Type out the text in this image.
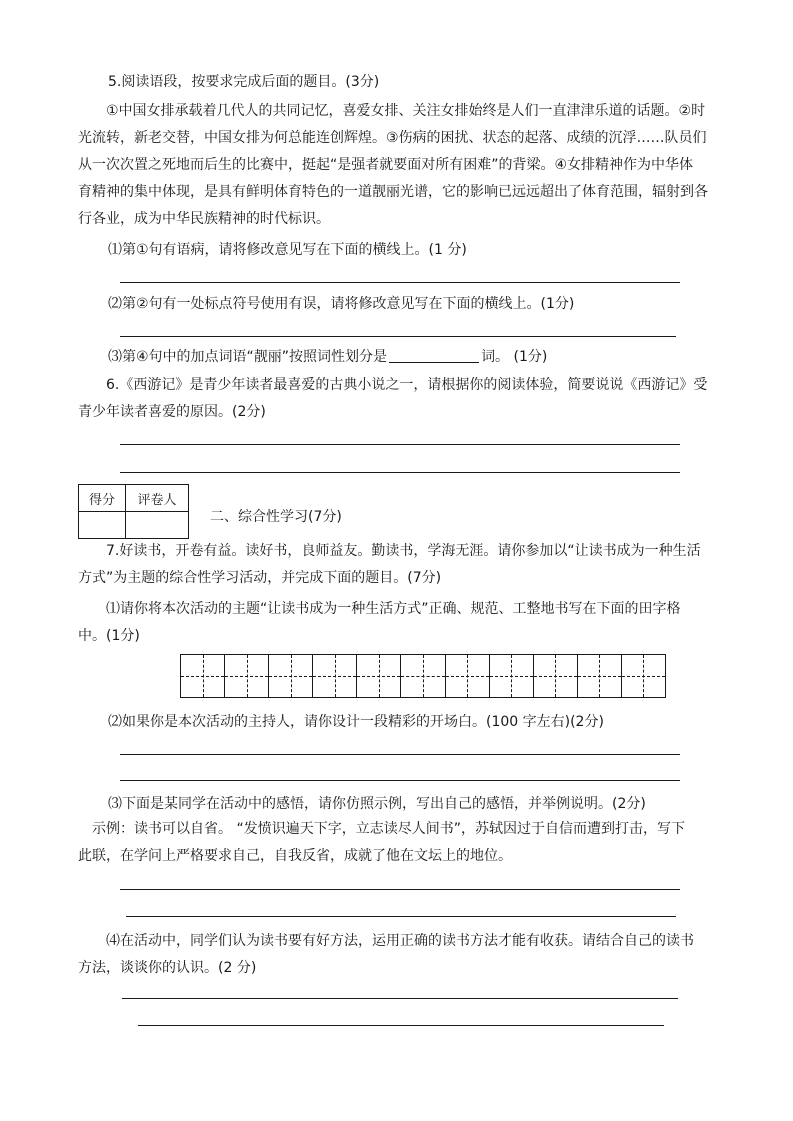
5.阅读语段，按要求完成后面的题目。(3分)
①中国女排承载着几代人的共同记忆，喜爱女排、关注女排始终是人们一直津津乐道的话题。②时
光流转，新老交替，中国女排为何总能连创辉煌。③伤病的困扰、状态的起落、成绩的沉浮……队员们
从一次次置之死地而后生的比赛中，挺起“是强者就要面对所有困难”的背梁。④女排精神作为中华体
育精神的集中体现，是具有鲜明体育特色的一道靓丽光谱，它的影响已远远超出了体育范围，辐射到各
行各业，成为中华民族精神的时代标识。
⑴第①句有语病，请将修改意见写在下面的横线上。(1 分)
⑵第②句有一处标点符号使用有误，请将修改意见写在下面的横线上。(1分)
⑶第④句中的加点词语“靓丽”按照词性划分是	词。 (1分)
6.《西游记》是青少年读者最喜爱的古典小说之一，请根据你的阅读体验，简要说说《西游记》受
青少年读者喜爱的原因。(2分)
得分	评卷人

二、综合性学习(7分)
7.好读书，开卷有益。读好书，良师益友。勤读书，学海无涯。请你参加以“让读书成为一种生活
方式”为主题的综合性学习活动，并完成下面的题目。(7分)
⑴请你将本次活动的主题“让读书成为一种生活方式”正确、规范、工整地书写在下面的田字格
中。(1分)
⑵如果你是本次活动的主持人，请你设计一段精彩的开场白。(100 字左右)(2分)
⑶下面是某同学在活动中的感悟，请你仿照示例，写出自己的感悟，并举例说明。(2分)
示例：读书可以自省。 “发愤识遍天下字，立志读尽人间书”，苏轼因过于自信而遭到打击，写下
此联，在学问上严格要求自己，自我反省，成就了他在文坛上的地位。
⑷在活动中，同学们认为读书要有好方法，运用正确的读书方法才能有收获。请结合自己的读书
方法，谈谈你的认识。(2 分)
